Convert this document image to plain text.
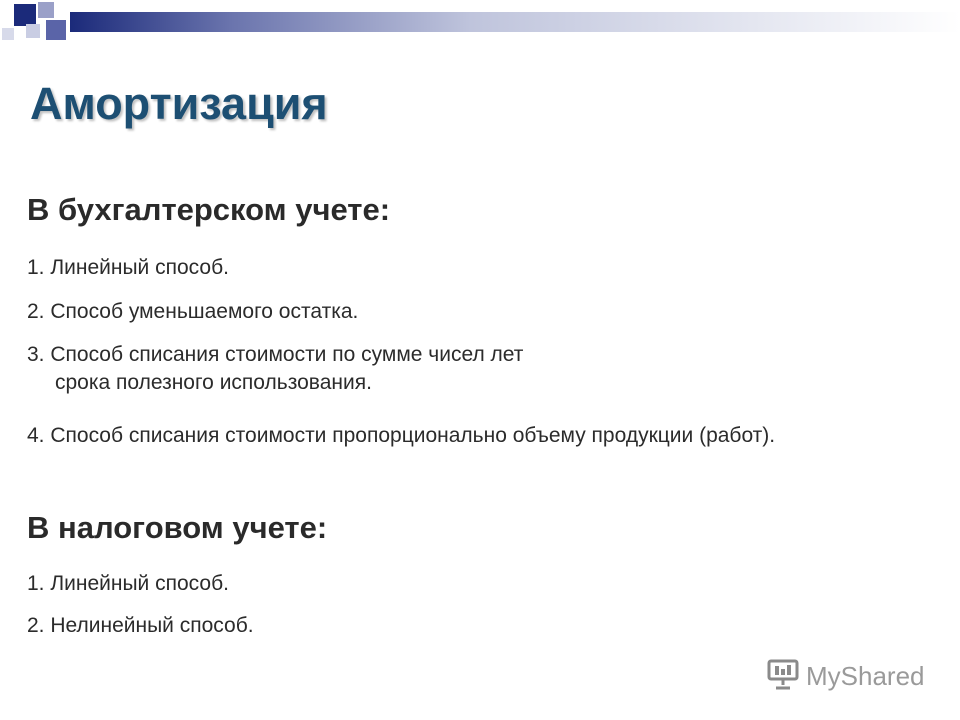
Амортизация
В бухгалтерском учете:

1. Линейный способ.

2. Способ уменьшаемого остатка.

3. Способ списания стоимости по сумме чисел лет
срока полезного использования.

4. Способ списания стоимости пропорционально объему продукции (работ).

В налоговом учете:

1. Линейный способ.

2. Нелинейный способ.

MyShared
